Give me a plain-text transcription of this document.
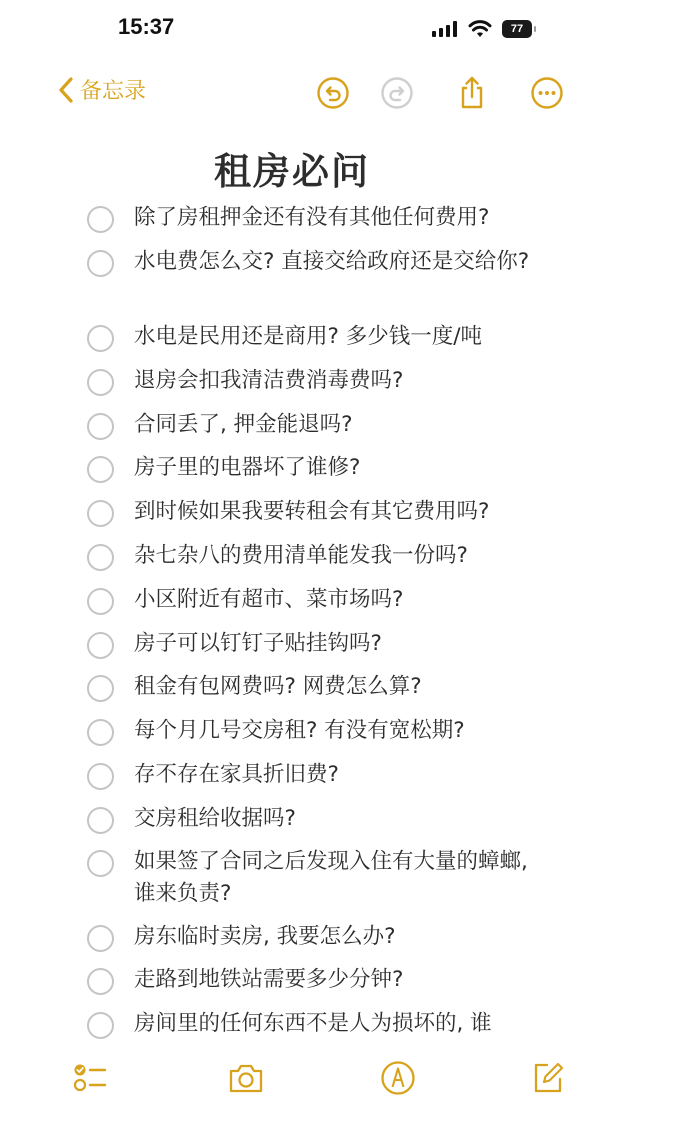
15:37	77
备忘录
租房必问
除了房租押金还有没有其他任何费用?
水电费怎么交? 直接交给政府还是交给你?
水电是民用还是商用? 多少钱一度/吨
退房会扣我清洁费消毒费吗?
合同丢了, 押金能退吗?
房子里的电器坏了谁修?
到时候如果我要转租会有其它费用吗?
杂七杂八的费用清单能发我一份吗?
小区附近有超市、菜市场吗?
房子可以钉钉子贴挂钩吗?
租金有包网费吗? 网费怎么算?
每个月几号交房租? 有没有宽松期?
存不存在家具折旧费?
交房租给收据吗?
如果签了合同之后发现入住有大量的蟑螂, 谁来负责?
房东临时卖房, 我要怎么办?
走路到地铁站需要多少分钟?
房间里的任何东西不是人为损坏的, 谁
